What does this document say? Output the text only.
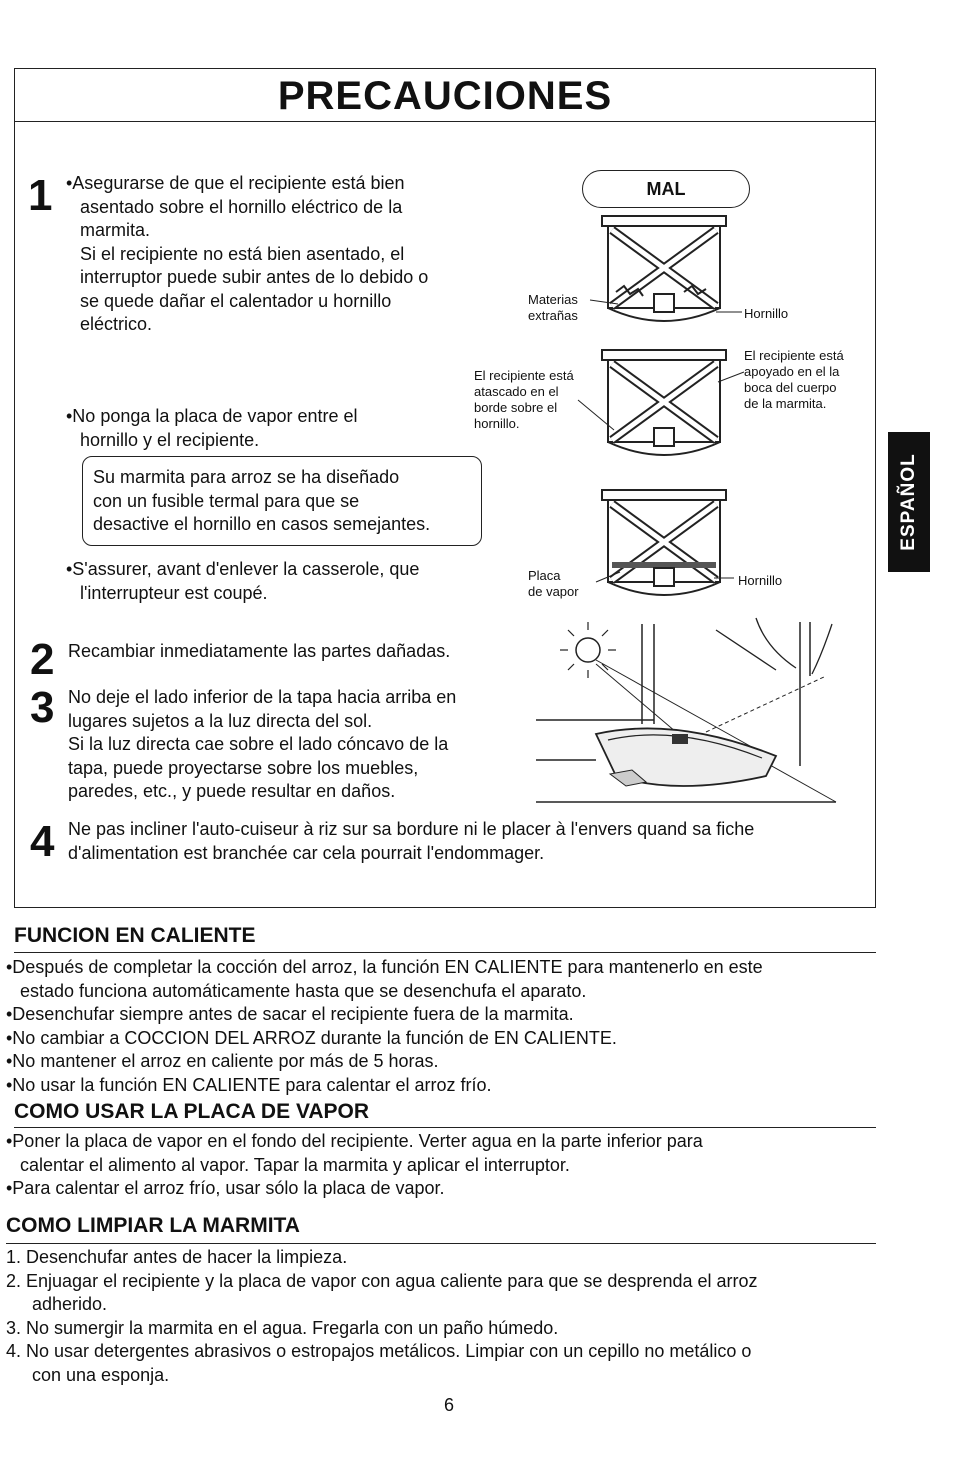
PRECAUCIONES
1 •Asegurarse de que el recipiente está bien
asentado sobre el hornillo eléctrico de la
marmita.
Si el recipiente no está bien asentado, el
interruptor puede subir antes de lo debido o
se quede dañar el calentador u hornillo
eléctrico.
•No ponga la placa de vapor entre el
hornillo y el recipiente.
Su marmita para arroz se ha diseñado
con un fusible termal para que se
desactive el hornillo en casos semejantes.
•S'assurer, avant d'enlever la casserole, que
l'interrupteur est coupé.
MAL
Materias
extrañas	Hornillo
El recipiente está
atascado en el
borde sobre el
hornillo.
El recipiente está
apoyado en el la
boca del cuerpo
de la marmita.
Placa
de vapor
Hornillo
2 Recambiar inmediatamente las partes dañadas.
3 No deje el lado inferior de la tapa hacia arriba en
lugares sujetos a la luz directa del sol.
Si la luz directa cae sobre el lado cóncavo de la
tapa, puede proyectarse sobre los muebles,
paredes, etc., y puede resultar en daños.
4 Ne pas incliner l'auto-cuiseur à riz sur sa bordure ni le placer à l'envers quand sa fiche
d'alimentation est branchée car cela pourrait l'endommager.
ESPAÑOL
FUNCION EN CALIENTE
•Después de completar la cocción del arroz, la función EN CALIENTE para mantenerlo en este
estado funciona automáticamente hasta que se desenchufa el aparato.
•Desenchufar siempre antes de sacar el recipiente fuera de la marmita.
•No cambiar a COCCION DEL ARROZ durante la función de EN CALIENTE.
•No mantener el arroz en caliente por más de 5 horas.
•No usar la función EN CALIENTE para calentar el arroz frío.
COMO USAR LA PLACA DE VAPOR
•Poner la placa de vapor en el fondo del recipiente. Verter agua en la parte inferior para
calentar el alimento al vapor. Tapar la marmita y aplicar el interruptor.
•Para calentar el arroz frío, usar sólo la placa de vapor.
COMO LIMPIAR LA MARMITA
1. Desenchufar antes de hacer la limpieza.
2. Enjuagar el recipiente y la placa de vapor con agua caliente para que se desprenda el arroz
adherido.
3. No sumergir la marmita en el agua. Fregarla con un paño húmedo.
4. No usar detergentes abrasivos o estropajos metálicos. Limpiar con un cepillo no metálico o
con una esponja.
6
